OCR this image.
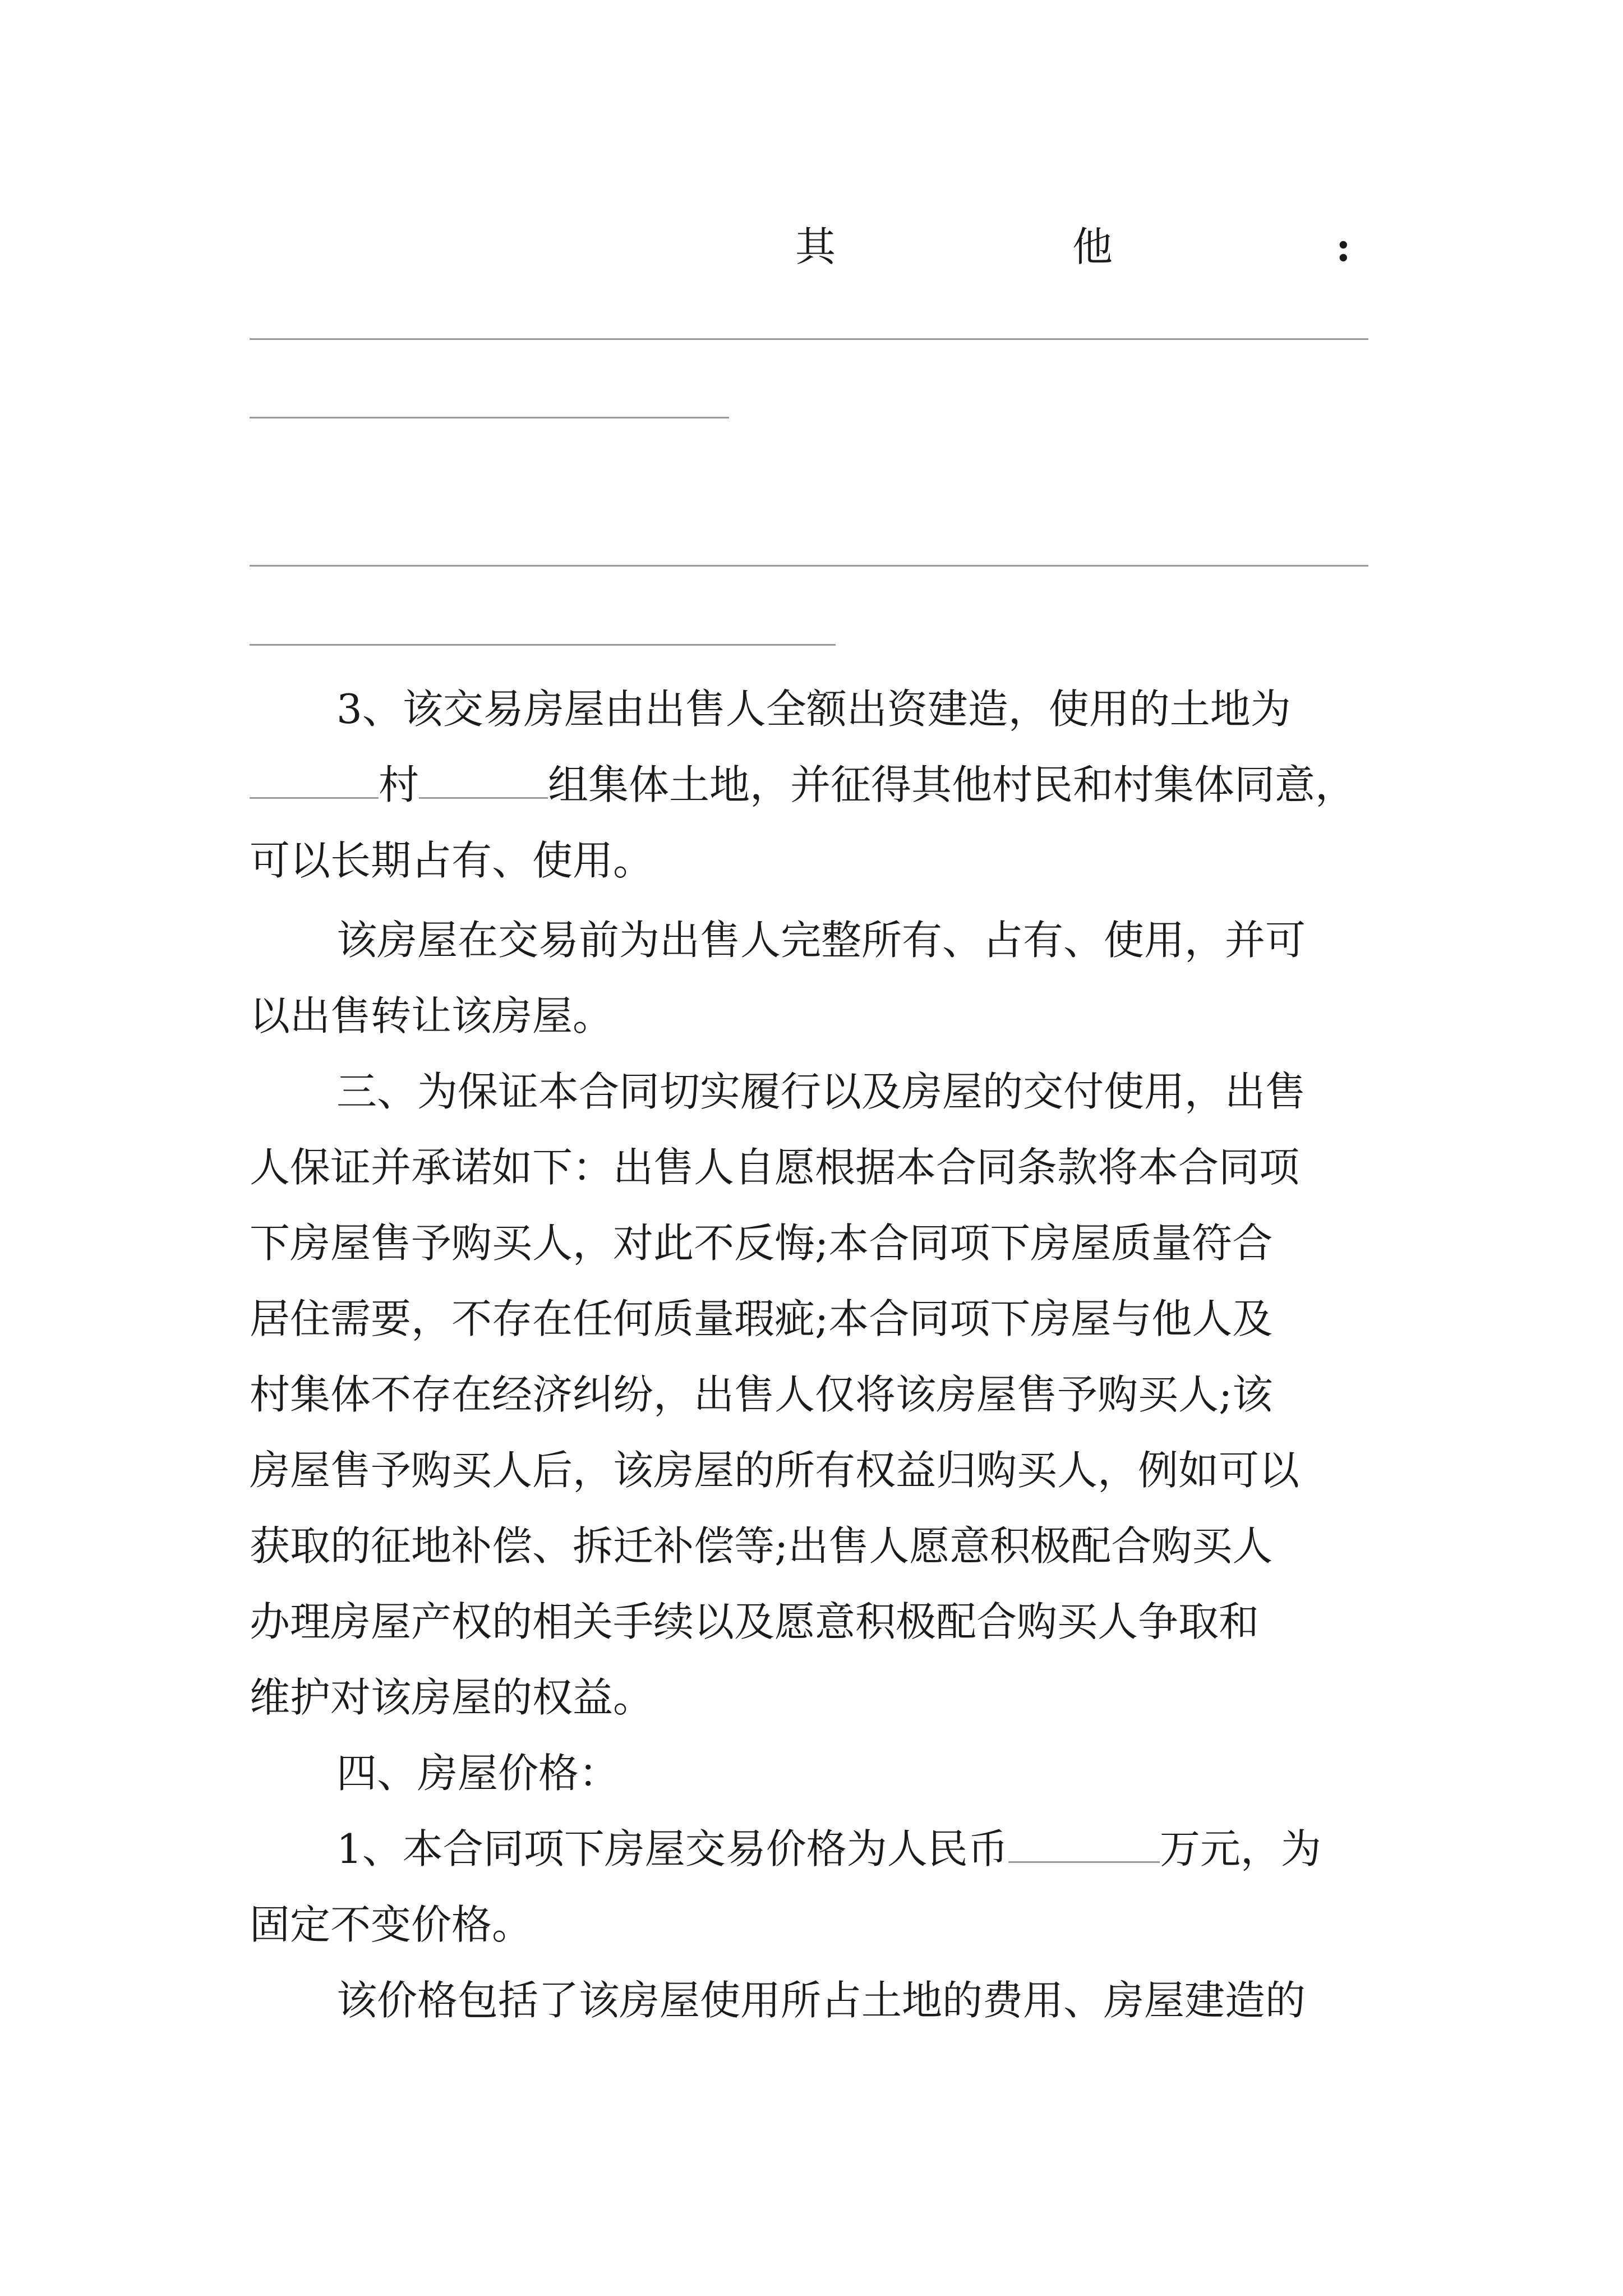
其	他	:
3、该交易房屋由出售人全额出资建造，使用的土地为
村	组集体土地，并征得其他村民和村集体同意，
可以长期占有、使用。
该房屋在交易前为出售人完整所有、占有、使用，并可
以出售转让该房屋。
三、为保证本合同切实履行以及房屋的交付使用，出售
人保证并承诺如下：出售人自愿根据本合同条款将本合同项
下房屋售予购买人，对此不反悔;本合同项下房屋质量符合
居住需要，不存在任何质量瑕疵;本合同项下房屋与他人及
村集体不存在经济纠纷，出售人仅将该房屋售予购买人;该
房屋售予购买人后，该房屋的所有权益归购买人，例如可以
获取的征地补偿、拆迁补偿等;出售人愿意积极配合购买人
办理房屋产权的相关手续以及愿意积极配合购买人争取和
维护对该房屋的权益。
四、房屋价格：
1、本合同项下房屋交易价格为人民币	万元，为
固定不变价格。
该价格包括了该房屋使用所占土地的费用、房屋建造的
